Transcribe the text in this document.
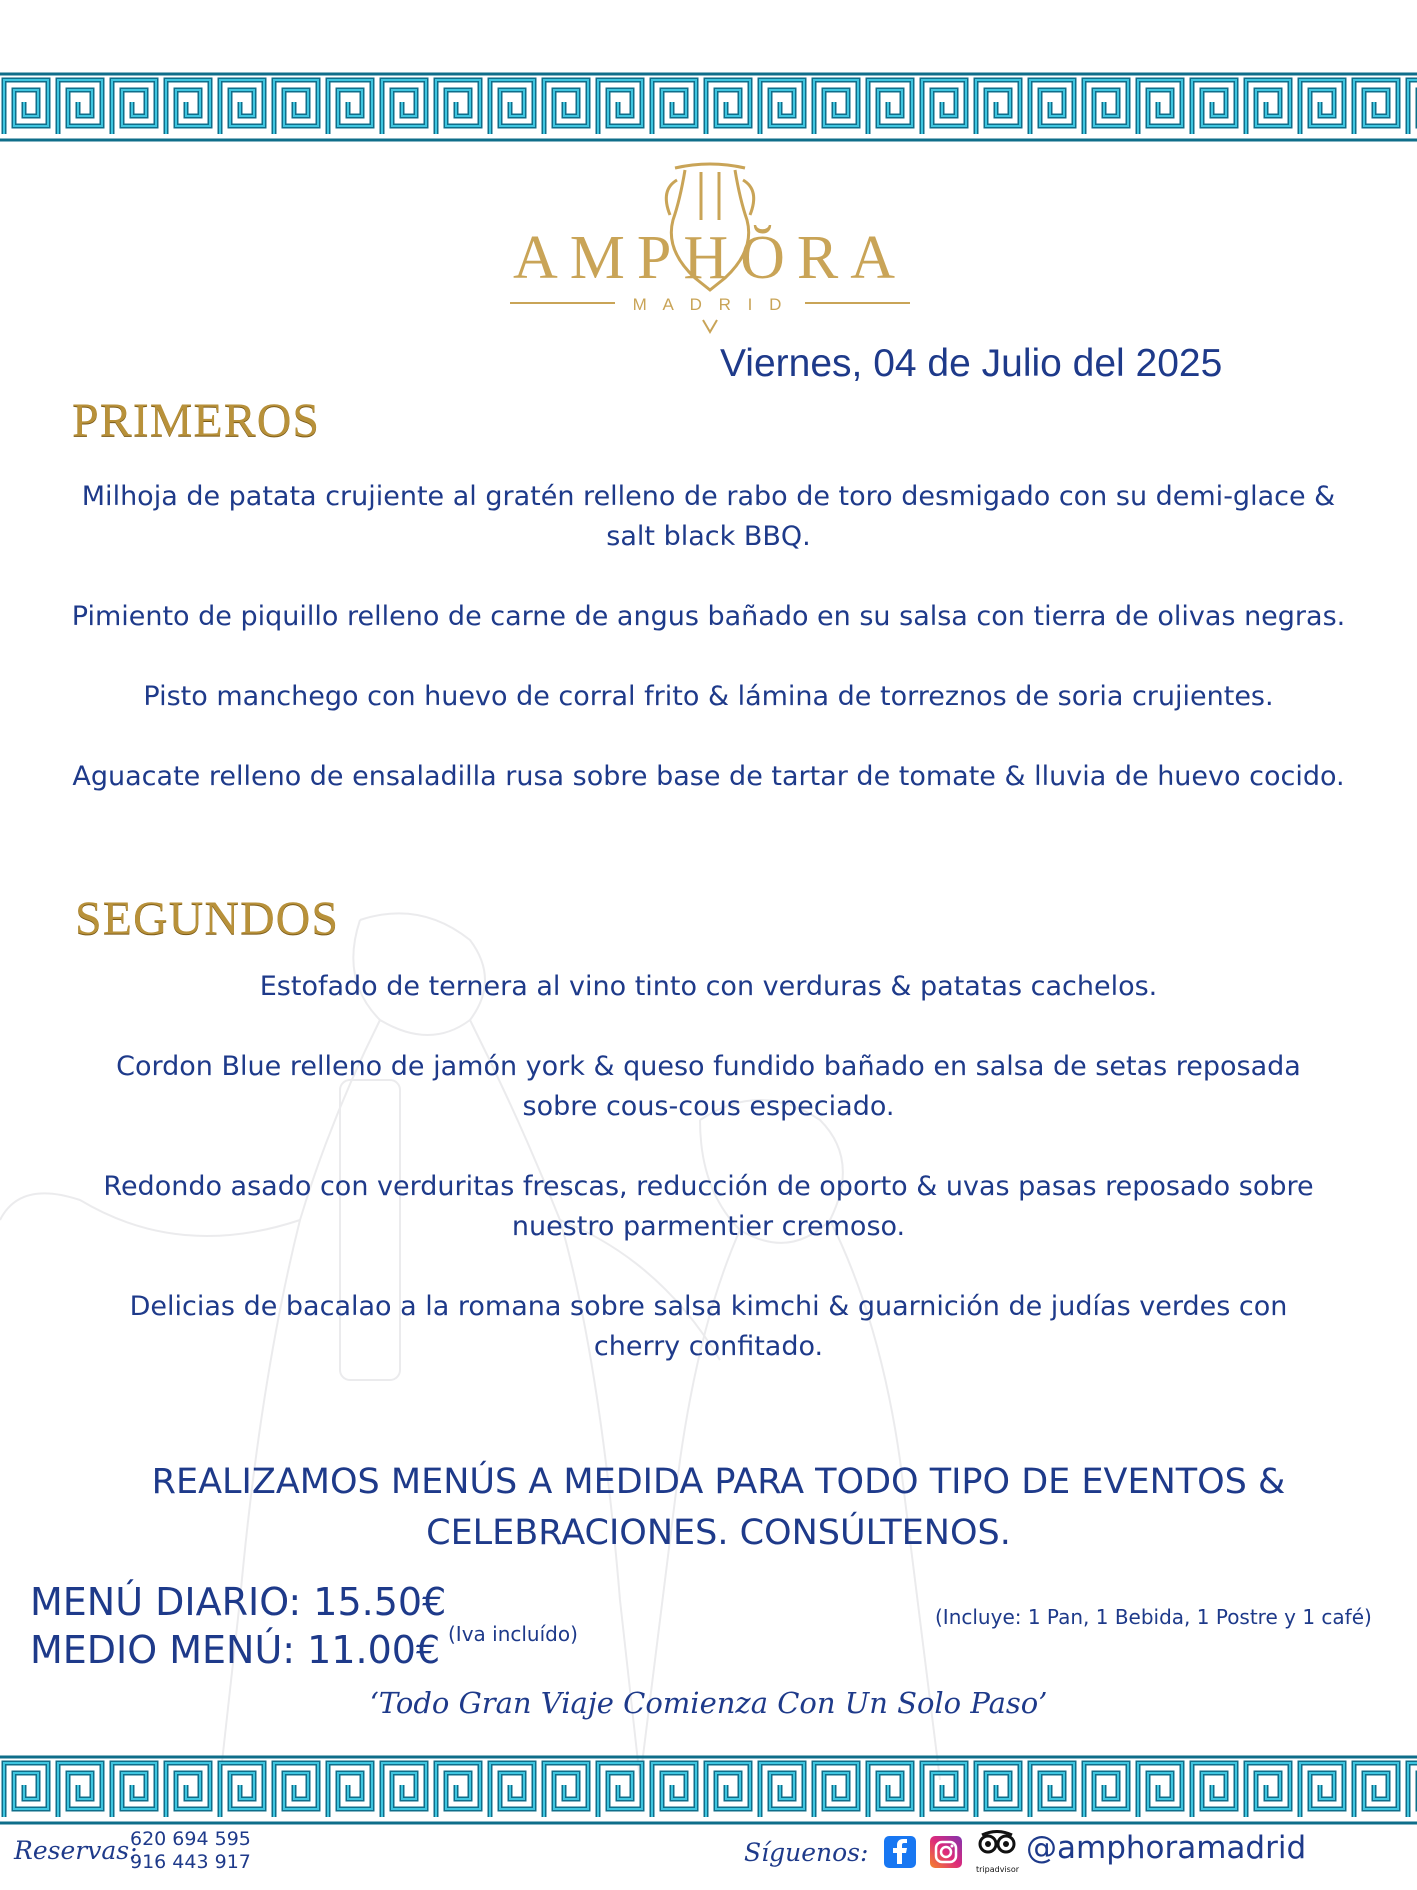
AMPHŎRA
M A D R I D
Viernes, 04 de Julio del 2025
PRIMEROS
Milhoja de patata crujiente al gratén relleno de rabo de toro desmigado con su demi-glace & salt black BBQ.
Pimiento de piquillo relleno de carne de angus bañado en su salsa con tierra de olivas negras.
Pisto manchego con huevo de corral frito & lámina de torreznos de soria crujientes.
Aguacate relleno de ensaladilla rusa sobre base de tartar de tomate & lluvia de huevo cocido.
SEGUNDOS
Estofado de ternera al vino tinto con verduras & patatas cachelos.
Cordon Blue relleno de jamón york & queso fundido bañado en salsa de setas reposada sobre cous-cous especiado.
Redondo asado con verduritas frescas, reducción de oporto & uvas pasas reposado sobre nuestro parmentier cremoso.
Delicias de bacalao a la romana sobre salsa kimchi & guarnición de judías verdes con cherry confitado.
REALIZAMOS MENÚS A MEDIDA PARA TODO TIPO DE EVENTOS & CELEBRACIONES. CONSÚLTENOS.
MENÚ DIARIO: 15.50€
MEDIO MENÚ: 11.00€ (Iva incluído)
(Incluye: 1 Pan, 1 Bebida, 1 Postre y 1 café)
‘Todo Gran Viaje Comienza Con Un Solo Paso’
Reservas:
620 694 595
916 443 917	Síguenos:
tripadvisor
@amphoramadrid
